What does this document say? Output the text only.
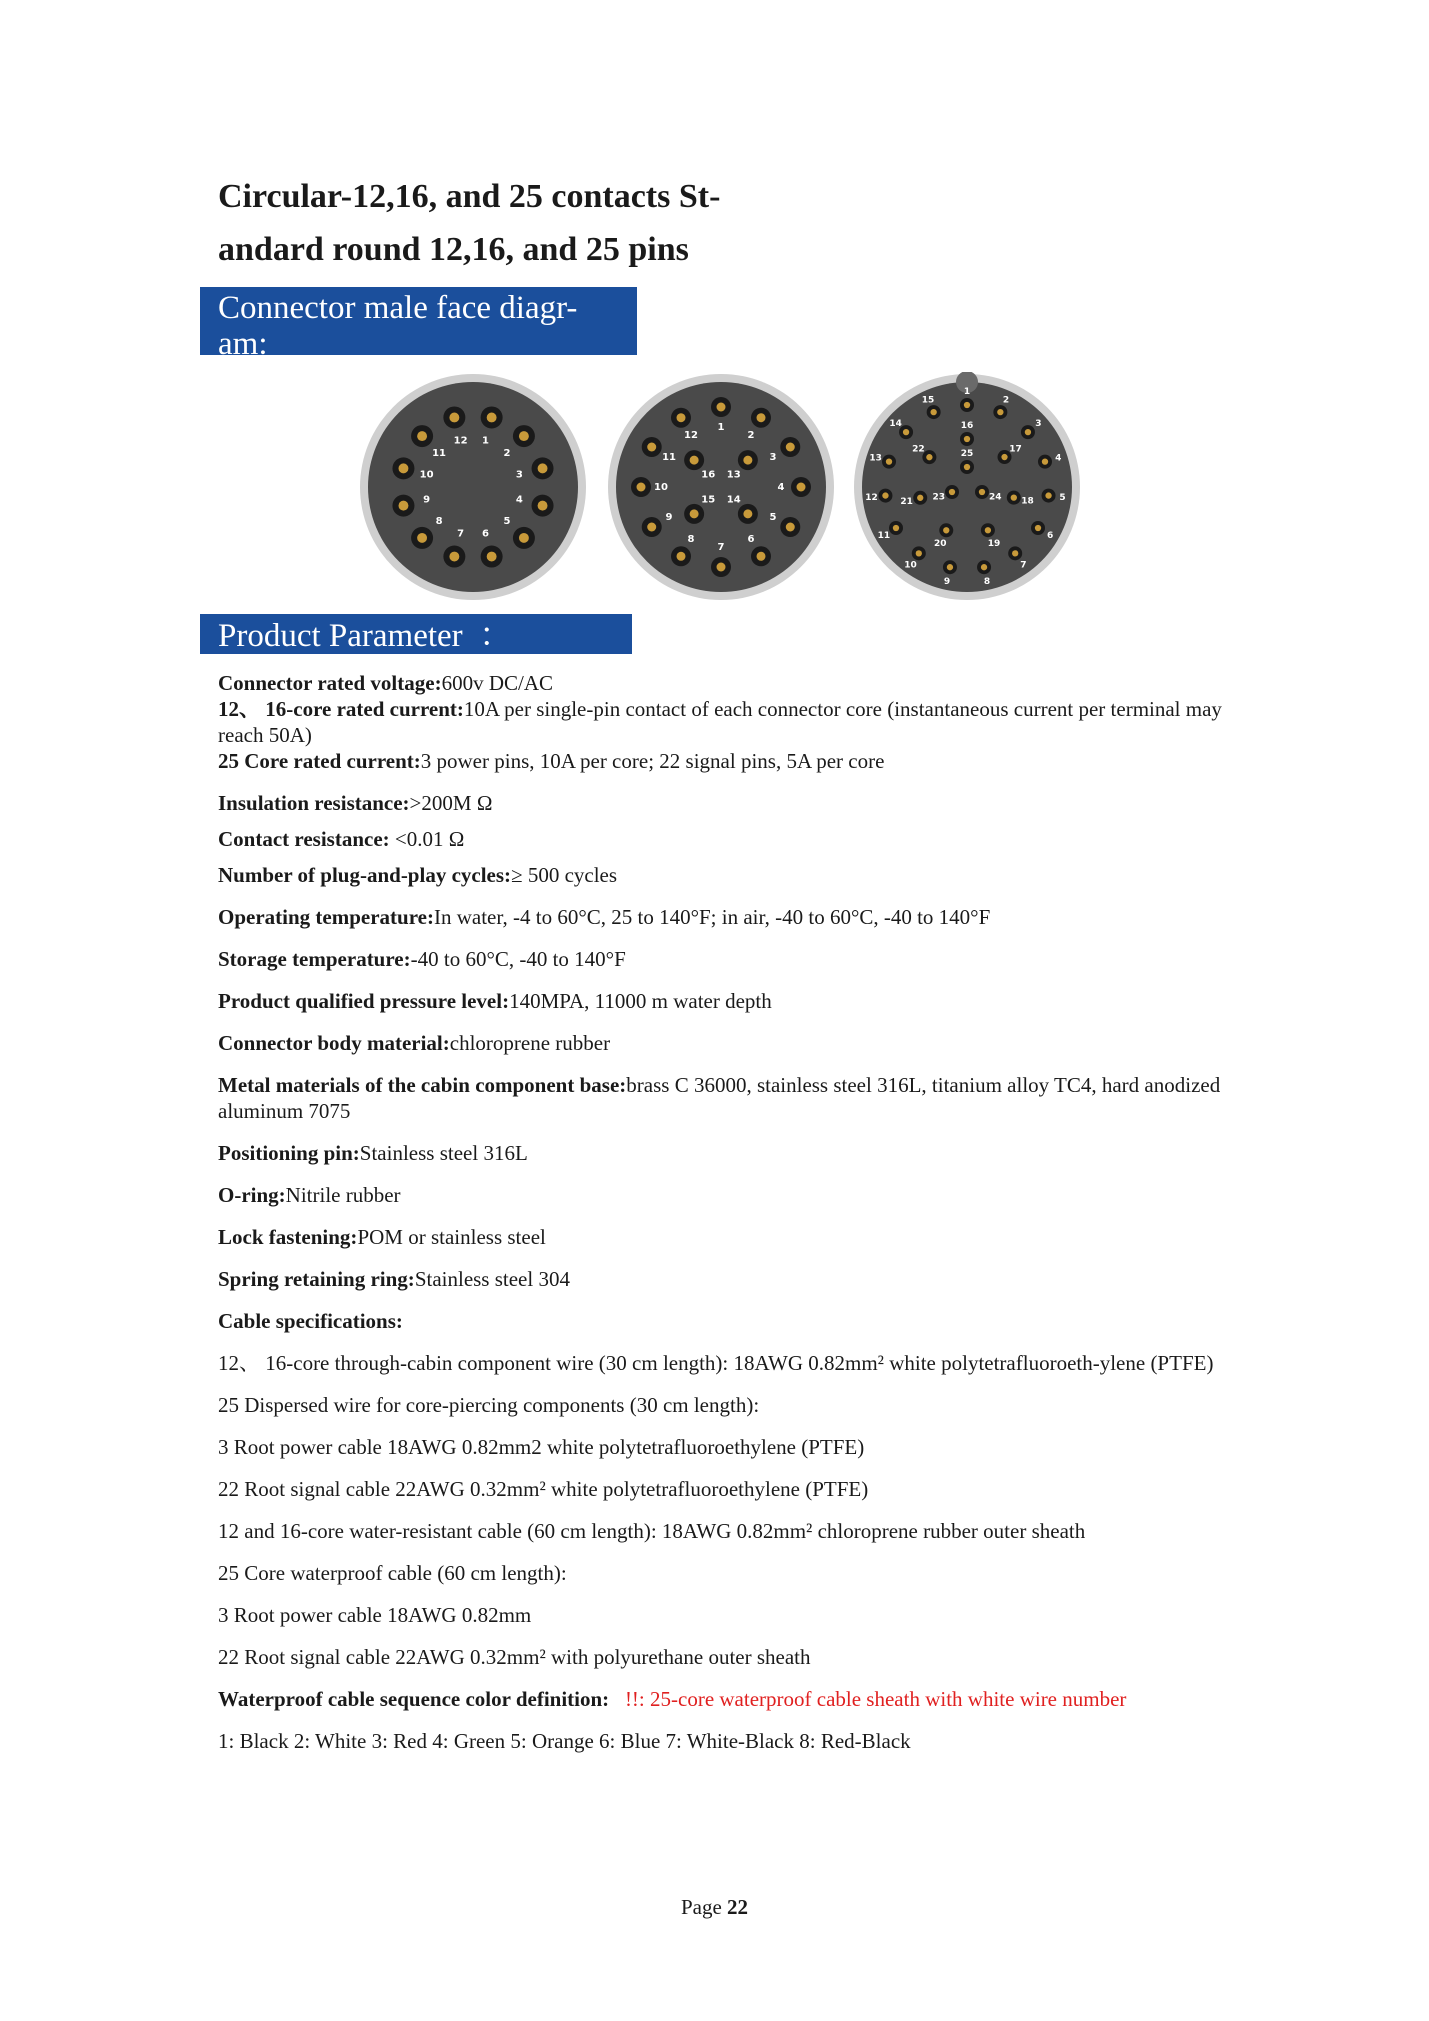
Circular-12,16, and 25 contacts St-
andard round 12,16, and 25 pins
Connector male face diagr-
am:
1
2
3
4
5
6
7
8
9
10
11
12
1
2
3
4
5
6
7
8
9
10
11
12
13
14
15
16
1
2
3
4
5
6
7
8
9
10
11
12
13
14
15
16
17
18
19
20
21
22
23	24
25
Product Parameter  ：

Connector rated voltage:600v DC/AC

12、 16-core rated current:10A per single-pin contact of each connector core (instantaneous current per terminal may reach 50A)

25 Core rated current:3 power pins, 10A per core; 22 signal pins, 5A per core

Insulation resistance:>200M Ω

Contact resistance: <0.01 Ω

Number of plug-and-play cycles:≥ 500 cycles

Operating temperature:In water, -4 to 60°C, 25 to 140°F; in air, -40 to 60°C, -40 to 140°F

Storage temperature:-40 to 60°C, -40 to 140°F

Product qualified pressure level:140MPA, 11000 m water depth

Connector body material:chloroprene rubber

Metal materials of the cabin component base:brass C 36000, stainless steel 316L, titanium alloy TC4, hard anodized aluminum 7075

Positioning pin:Stainless steel 316L

O-ring:Nitrile rubber

Lock fastening:POM or stainless steel

Spring retaining ring:Stainless steel 304

Cable specifications:

12、 16-core through-cabin component wire (30 cm length): 18AWG 0.82mm² white polytetrafluoroeth-ylene (PTFE)

25 Dispersed wire for core-piercing components (30 cm length):

3 Root power cable 18AWG 0.82mm2 white polytetrafluoroethylene (PTFE)

22 Root signal cable 22AWG 0.32mm² white polytetrafluoroethylene (PTFE)

12 and 16-core water-resistant cable (60 cm length): 18AWG 0.82mm² chloroprene rubber outer sheath

25 Core waterproof cable (60 cm length):

3 Root power cable 18AWG 0.82mm

22 Root signal cable 22AWG 0.32mm² with polyurethane outer sheath

Waterproof cable sequence color definition: !!: 25-core waterproof cable sheath with white wire number

1: Black 2: White 3: Red 4: Green 5: Orange 6: Blue 7: White-Black 8: Red-Black

Page 22
